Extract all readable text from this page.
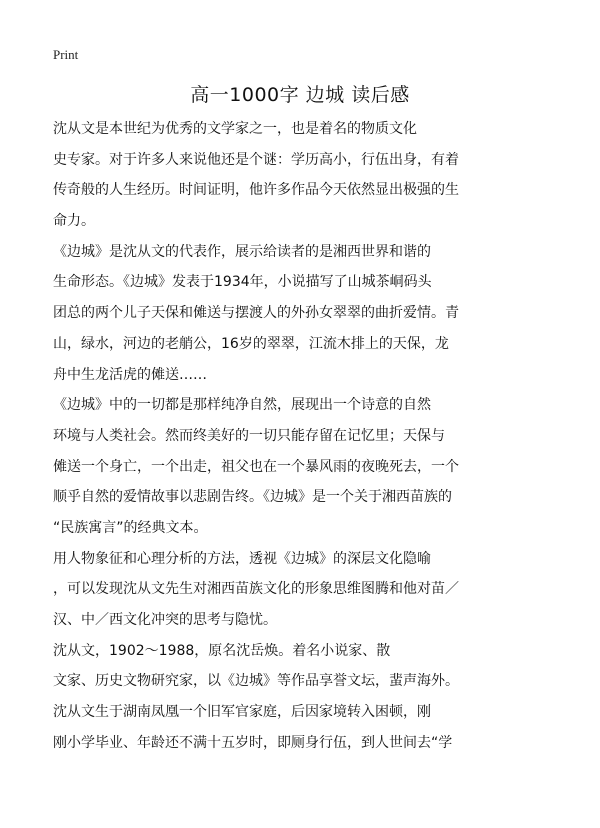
Print
高一1000字 边城 读后感
沈从文是本世纪为优秀的文学家之一，也是着名的物质文化
史专家。对于许多人来说他还是个谜：学历高小，行伍出身，有着
传奇般的人生经历。时间证明，他许多作品今天依然显出极强的生
命力。
《边城》是沈从文的代表作，展示给读者的是湘西世界和谐的
生命形态。《边城》发表于1934年，小说描写了山城茶峒码头
团总的两个儿子天保和傩送与摆渡人的外孙女翠翠的曲折爱情。青
山，绿水，河边的老艄公，16岁的翠翠，江流木排上的天保，龙
舟中生龙活虎的傩送……
《边城》中的一切都是那样纯净自然，展现出一个诗意的自然
环境与人类社会。然而终美好的一切只能存留在记忆里；天保与
傩送一个身亡，一个出走，祖父也在一个暴风雨的夜晚死去，一个
顺乎自然的爱情故事以悲剧告终。《边城》是一个关于湘西苗族的
“民族寓言”的经典文本。
用人物象征和心理分析的方法，透视《边城》的深层文化隐喻
，可以发现沈从文先生对湘西苗族文化的形象思维图腾和他对苗／
汉、中／西文化冲突的思考与隐忧。
沈从文，1902～1988，原名沈岳焕。着名小说家、散
文家、历史文物研究家，以《边城》等作品享誉文坛，蜚声海外。
沈从文生于湖南凤凰一个旧军官家庭，后因家境转入困顿，刚
刚小学毕业、年龄还不满十五岁时，即厕身行伍，到人世间去“学
